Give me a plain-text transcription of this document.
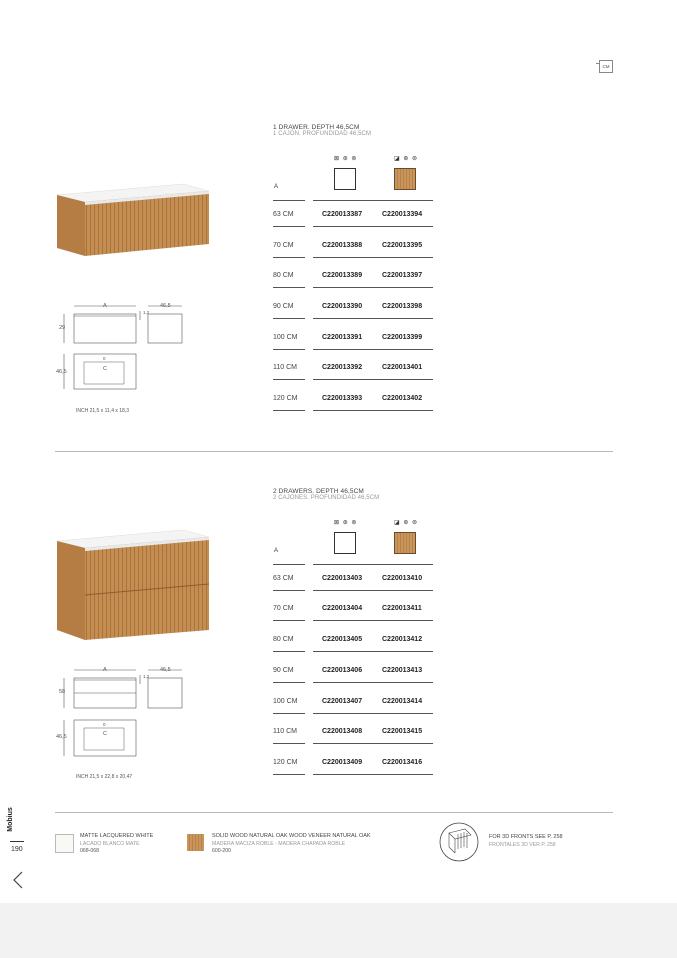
CM
1 DRAWER. DEPTH 46,5CM
1 CAJÓN. PROFUNDIDAD 46,5CM
A	46,5
29
1,2
46,5
0
C
INCH 21,5 x 11,4 x 18,3
⊠ ⊛ ⊚	◪ ⊛ ⊚
A
63 CM	C220013387	C220013394
70 CM	C220013388	C220013395
80 CM	C220013389	C220013397
90 CM	C220013390	C220013398
100 CM	C220013391	C220013399
110 CM	C220013392	C220013401
120 CM	C220013393	C220013402
2 DRAWERS. DEPTH 46,5CM
2 CAJONES. PROFUNDIDAD 46,5CM
A	46,5
58
1,2
46,5
0
C
INCH 21,5 x 22,8 x 20,47
⊠ ⊛ ⊚	◪ ⊛ ⊚
A
63 CM	C220013403	C220013410
70 CM	C220013404	C220013411
80 CM	C220013405	C220013412
90 CM	C220013406	C220013413
100 CM	C220013407	C220013414
110 CM	C220013408	C220013415
120 CM	C220013409	C220013416
MATTE LACQUERED WHITE
LACADO BLANCO MATE
068-068
SOLID WOOD NATURAL OAK WOOD VENEER NATURAL OAK
MADERA MACIZA ROBLE - MADERA CHAPADA ROBLE
600-200
FOR 3D FRONTS SEE P. 258
FRONTALES 3D VER P. 258
Mobius
190
